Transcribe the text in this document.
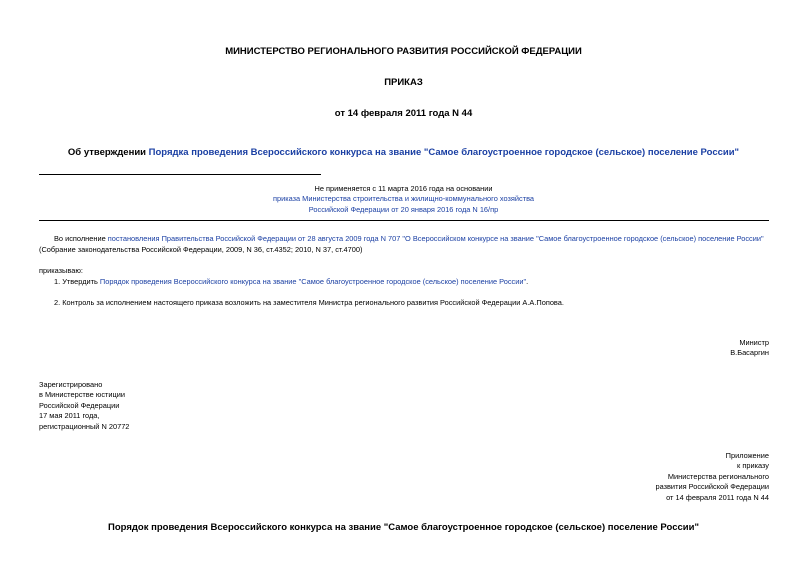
МИНИСТЕРСТВО РЕГИОНАЛЬНОГО РАЗВИТИЯ РОССИЙСКОЙ ФЕДЕРАЦИИ
ПРИКАЗ
от 14 февраля 2011 года N 44
Об утверждении Порядка проведения Всероссийского конкурса на звание "Самое благоустроенное городское (сельское) поселение России"
Не применяется с 11 марта 2016 года на основании
приказа Министерства строительства и жилищно-коммунального хозяйства
Российской Федерации от 20 января 2016 года N 16/пр
Во исполнение постановления Правительства Российской Федерации от 28 августа 2009 года N 707 "О Всероссийском конкурсе на звание "Самое благоустроенное городское (сельское) поселение России"
(Собрание законодательства Российской Федерации, 2009, N 36, ст.4352; 2010, N 37, ст.4700)
приказываю:
1. Утвердить Порядок проведения Всероссийского конкурса на звание "Самое благоустроенное городское (сельское) поселение России".
2. Контроль за исполнением настоящего приказа возложить на заместителя Министра регионального развития Российской Федерации А.А.Попова.
Министр
В.Басаргин
Зарегистрировано
в Министерстве юстиции
Российской Федерации
17 мая 2011 года,
регистрационный N 20772
Приложение
к приказу
Министерства регионального
развития Российской Федерации
от 14 февраля 2011 года N 44
Порядок проведения Всероссийского конкурса на звание "Самое благоустроенное городское (сельское) поселение России"
